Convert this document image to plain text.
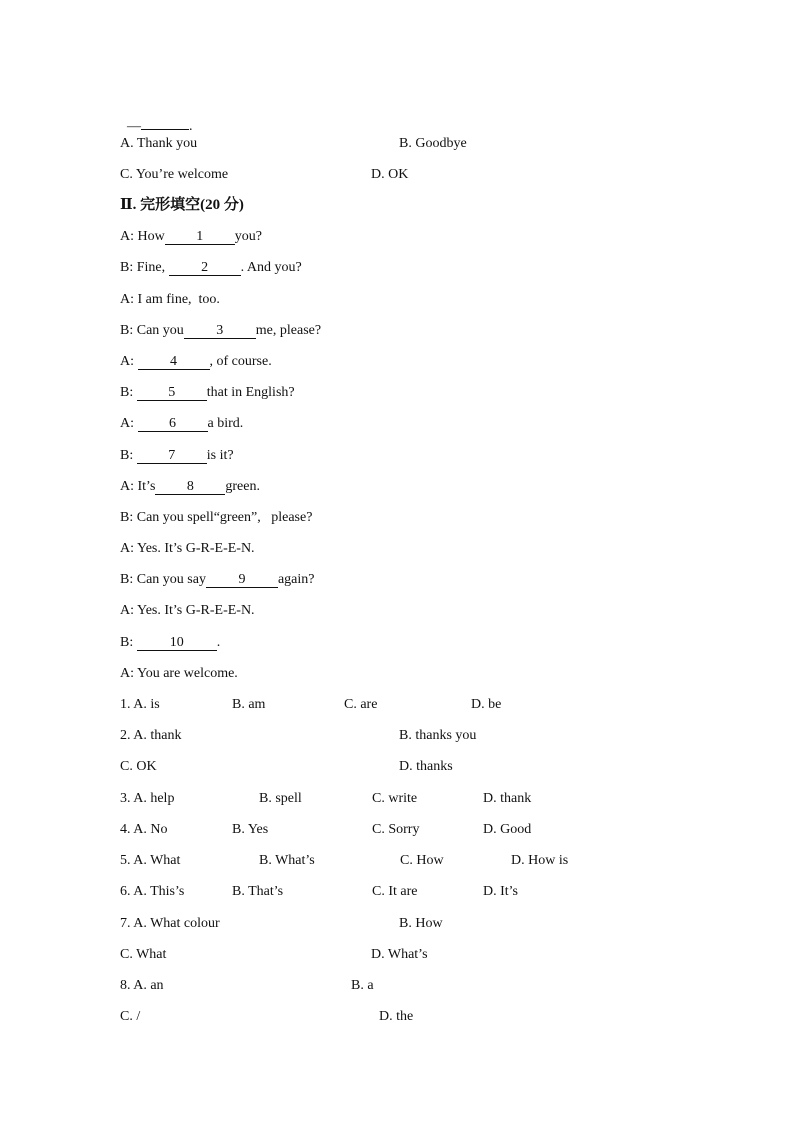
—	.

A. Thank you	B. Goodbye
C. You’re welcome	D. OK
Ⅱ. 完形填空(20 分)
A: How 1 you?
B: Fine, 2 . And you?
A: I am fine,  too.
B: Can you 3 me, please?
A: 4 , of course.
B: 5 that in English?
A: 6 a bird.
B: 7 is it?
A: It’s 8 green.
B: Can you spell“green”,   please?
A: Yes. It’s G-R-E-E-N.
B: Can you say 9 again?
A: Yes. It’s G-R-E-E-N.
B: 10 .
A: You are welcome.
1. A. is	B. am	C. are	D. be
2. A. thank	B. thanks you
C. OK	D. thanks
3. A. help	B. spell	C. write	D. thank
4. A. No	B. Yes	C. Sorry	D. Good
5. A. What	B. What’s	C. How	D. How is
6. A. This’s	B. That’s	C. It are	D. It’s
7. A. What colour	B. How
C. What	D. What’s
8. A. an	B. a
C. /	D. the
